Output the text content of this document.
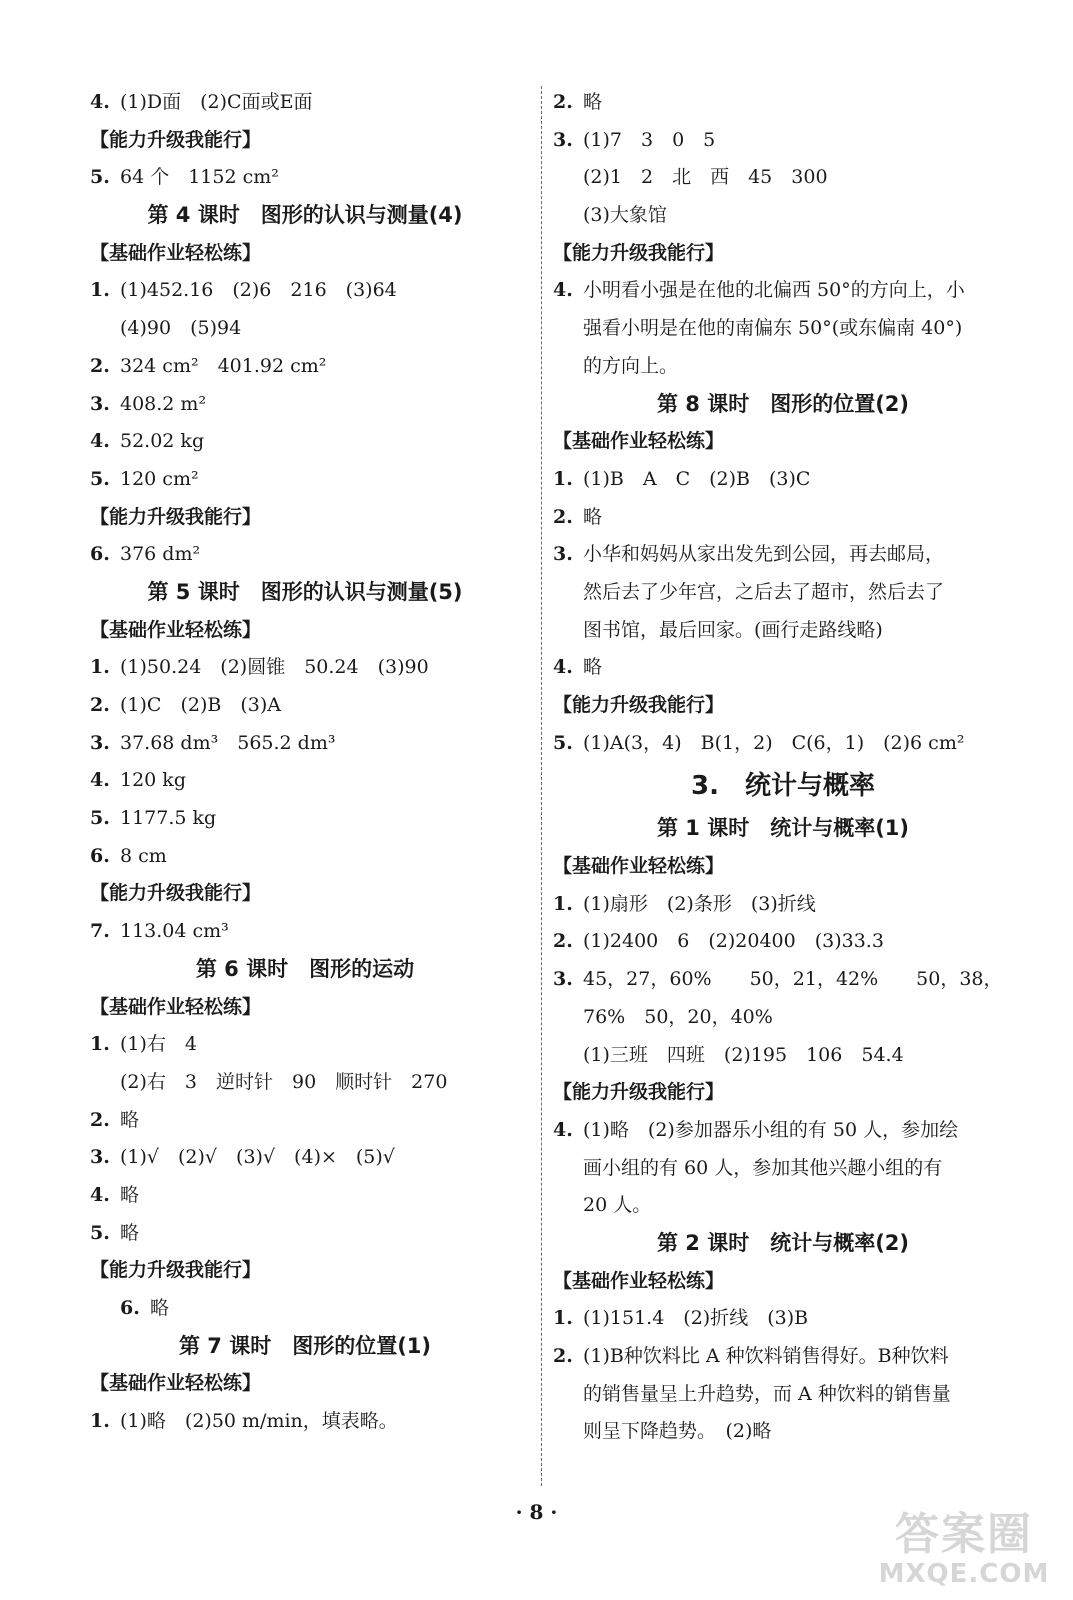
4. (1)D面　(2)C面或E面
【能力升级我能行】
5. 64 个　1152 cm²
第 4 课时　图形的认识与测量(4)
【基础作业轻松练】
1. (1)452.16　(2)6　216　(3)64
(4)90　(5)94
2. 324 cm²　401.92 cm²
3. 408.2 m²
4. 52.02 kg
5. 120 cm²
【能力升级我能行】
6. 376 dm²
第 5 课时　图形的认识与测量(5)
【基础作业轻松练】
1. (1)50.24　(2)圆锥　50.24　(3)90
2. (1)C　(2)B　(3)A
3. 37.68 dm³　565.2 dm³
4. 120 kg
5. 1177.5 kg
6. 8 cm
【能力升级我能行】
7. 113.04 cm³
第 6 课时　图形的运动
【基础作业轻松练】
1. (1)右　4
(2)右　3　逆时针　90　顺时针　270
2. 略
3. (1)√　(2)√　(3)√　(4)×　(5)√
4. 略
5. 略
【能力升级我能行】
6. 略
第 7 课时　图形的位置(1)
【基础作业轻松练】
1. (1)略　(2)50 m/min，填表略。
2. 略
3. (1)7　3　0　5
(2)1　2　北　西　45　300
(3)大象馆
【能力升级我能行】
4. 小明看小强是在他的北偏西 50°的方向上，小
强看小明是在他的南偏东 50°(或东偏南 40°)
的方向上。
第 8 课时　图形的位置(2)
【基础作业轻松练】
1. (1)B　A　C　(2)B　(3)C
2. 略
3. 小华和妈妈从家出发先到公园，再去邮局，
然后去了少年宫，之后去了超市，然后去了
图书馆，最后回家。(画行走路线略)
4. 略
【能力升级我能行】
5. (1)A(3，4)　B(1，2)　C(6，1)　(2)6 cm²
3.　统计与概率
第 1 课时　统计与概率(1)
【基础作业轻松练】
1. (1)扇形　(2)条形　(3)折线
2. (1)2400　6　(2)20400　(3)33.3
3. 45，27，60%　　50，21，42%　　50，38，
76%　50，20，40%
(1)三班　四班　(2)195　106　54.4
【能力升级我能行】
4. (1)略　(2)参加器乐小组的有 50 人，参加绘
画小组的有 60 人，参加其他兴趣小组的有
20 人。
第 2 课时　统计与概率(2)
【基础作业轻松练】
1. (1)151.4　(2)折线　(3)B
2. (1)B种饮料比 A 种饮料销售得好。B种饮料
的销售量呈上升趋势，而 A 种饮料的销售量
则呈下降趋势。　(2)略
· 8 ·	答案圈
MXQE.COM
